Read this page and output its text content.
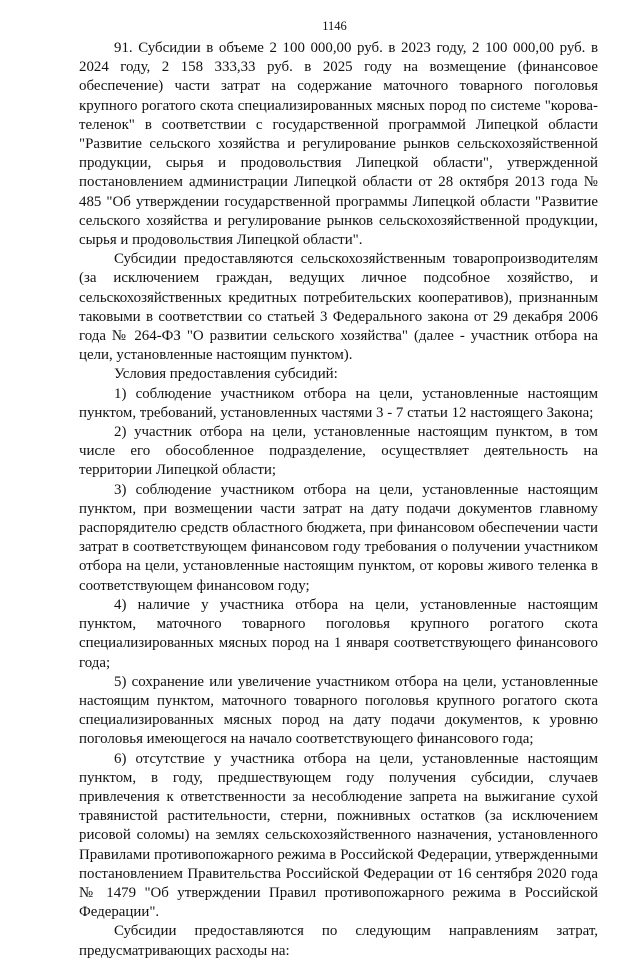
1146

91. Субсидии в объеме 2 100 000,00 руб. в 2023 году, 2 100 000,00 руб. в 2024 году, 2 158 333,33 руб. в 2025 году на возмещение (финансовое обеспечение) части затрат на содержание маточного товарного поголовья крупного рогатого скота специализированных мясных пород по системе "корова-теленок" в соответствии с государственной программой Липецкой области "Развитие сельского хозяйства и регулирование рынков сельскохозяйственной продукции, сырья и продовольствия Липецкой области", утвержденной постановлением администрации Липецкой области от 28 октября 2013 года № 485 "Об утверждении государственной программы Липецкой области "Развитие сельского хозяйства и регулирование рынков сельскохозяйственной продукции, сырья и продовольствия Липецкой области".

Субсидии предоставляются сельскохозяйственным товаропроизводителям (за исключением граждан, ведущих личное подсобное хозяйство, и сельскохозяйственных кредитных потребительских кооперативов), признанным таковыми в соответствии со статьей 3 Федерального закона от 29 декабря 2006 года № 264-ФЗ "О развитии сельского хозяйства" (далее - участник отбора на цели, установленные настоящим пунктом).

Условия предоставления субсидий:

1) соблюдение участником отбора на цели, установленные настоящим пунктом, требований, установленных частями 3 - 7 статьи 12 настоящего Закона;

2) участник отбора на цели, установленные настоящим пунктом, в том числе его обособленное подразделение, осуществляет деятельность на территории Липецкой области;

3) соблюдение участником отбора на цели, установленные настоящим пунктом, при возмещении части затрат на дату подачи документов главному распорядителю средств областного бюджета, при финансовом обеспечении части затрат в соответствующем финансовом году требования о получении участником отбора на цели, установленные настоящим пунктом, от коровы живого теленка в соответствующем финансовом году;

4) наличие у участника отбора на цели, установленные настоящим пунктом, маточного товарного поголовья крупного рогатого скота специализированных мясных пород на 1 января соответствующего финансового года;

5) сохранение или увеличение участником отбора на цели, установленные настоящим пунктом, маточного товарного поголовья крупного рогатого скота специализированных мясных пород на дату подачи документов, к уровню поголовья имеющегося на начало соответствующего финансового года;

6) отсутствие у участника отбора на цели, установленные настоящим пунктом, в году, предшествующем году получения субсидии, случаев привлечения к ответственности за несоблюдение запрета на выжигание сухой травянистой растительности, стерни, пожнивных остатков (за исключением рисовой соломы) на землях сельскохозяйственного назначения, установленного Правилами противопожарного режима в Российской Федерации, утвержденными постановлением Правительства Российской Федерации от 16 сентября 2020 года № 1479 "Об утверждении Правил противопожарного режима в Российской Федерации".

Субсидии предоставляются по следующим направлениям затрат, предусматривающих расходы на:
